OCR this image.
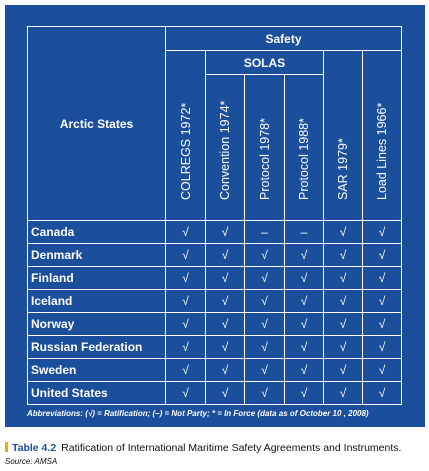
Arctic States	Safety					
		SOLAS				

	COLREGS 1972*	Convention 1974*	Protocol 1978*	Protocol 1988*	SAR 1979*	Load Lines 1966*

Canada	√	√	–	–	√	√
Denmark	√	√	√	√	√	√
Finland	√	√	√	√	√	√
Iceland	√	√	√	√	√	√
Norway	√	√	√	√	√	√
Russian Federation	√	√	√	√	√	√
Sweden	√	√	√	√	√	√
United States	√	√	√	√	√	√
Abbreviations: (√) = Ratification; (–) = Not Party; * = In Force (data as of October 10 , 2008)
Table 4.2 Ratification of International Maritime Safety Agreements and Instruments.
Source: AMSA
